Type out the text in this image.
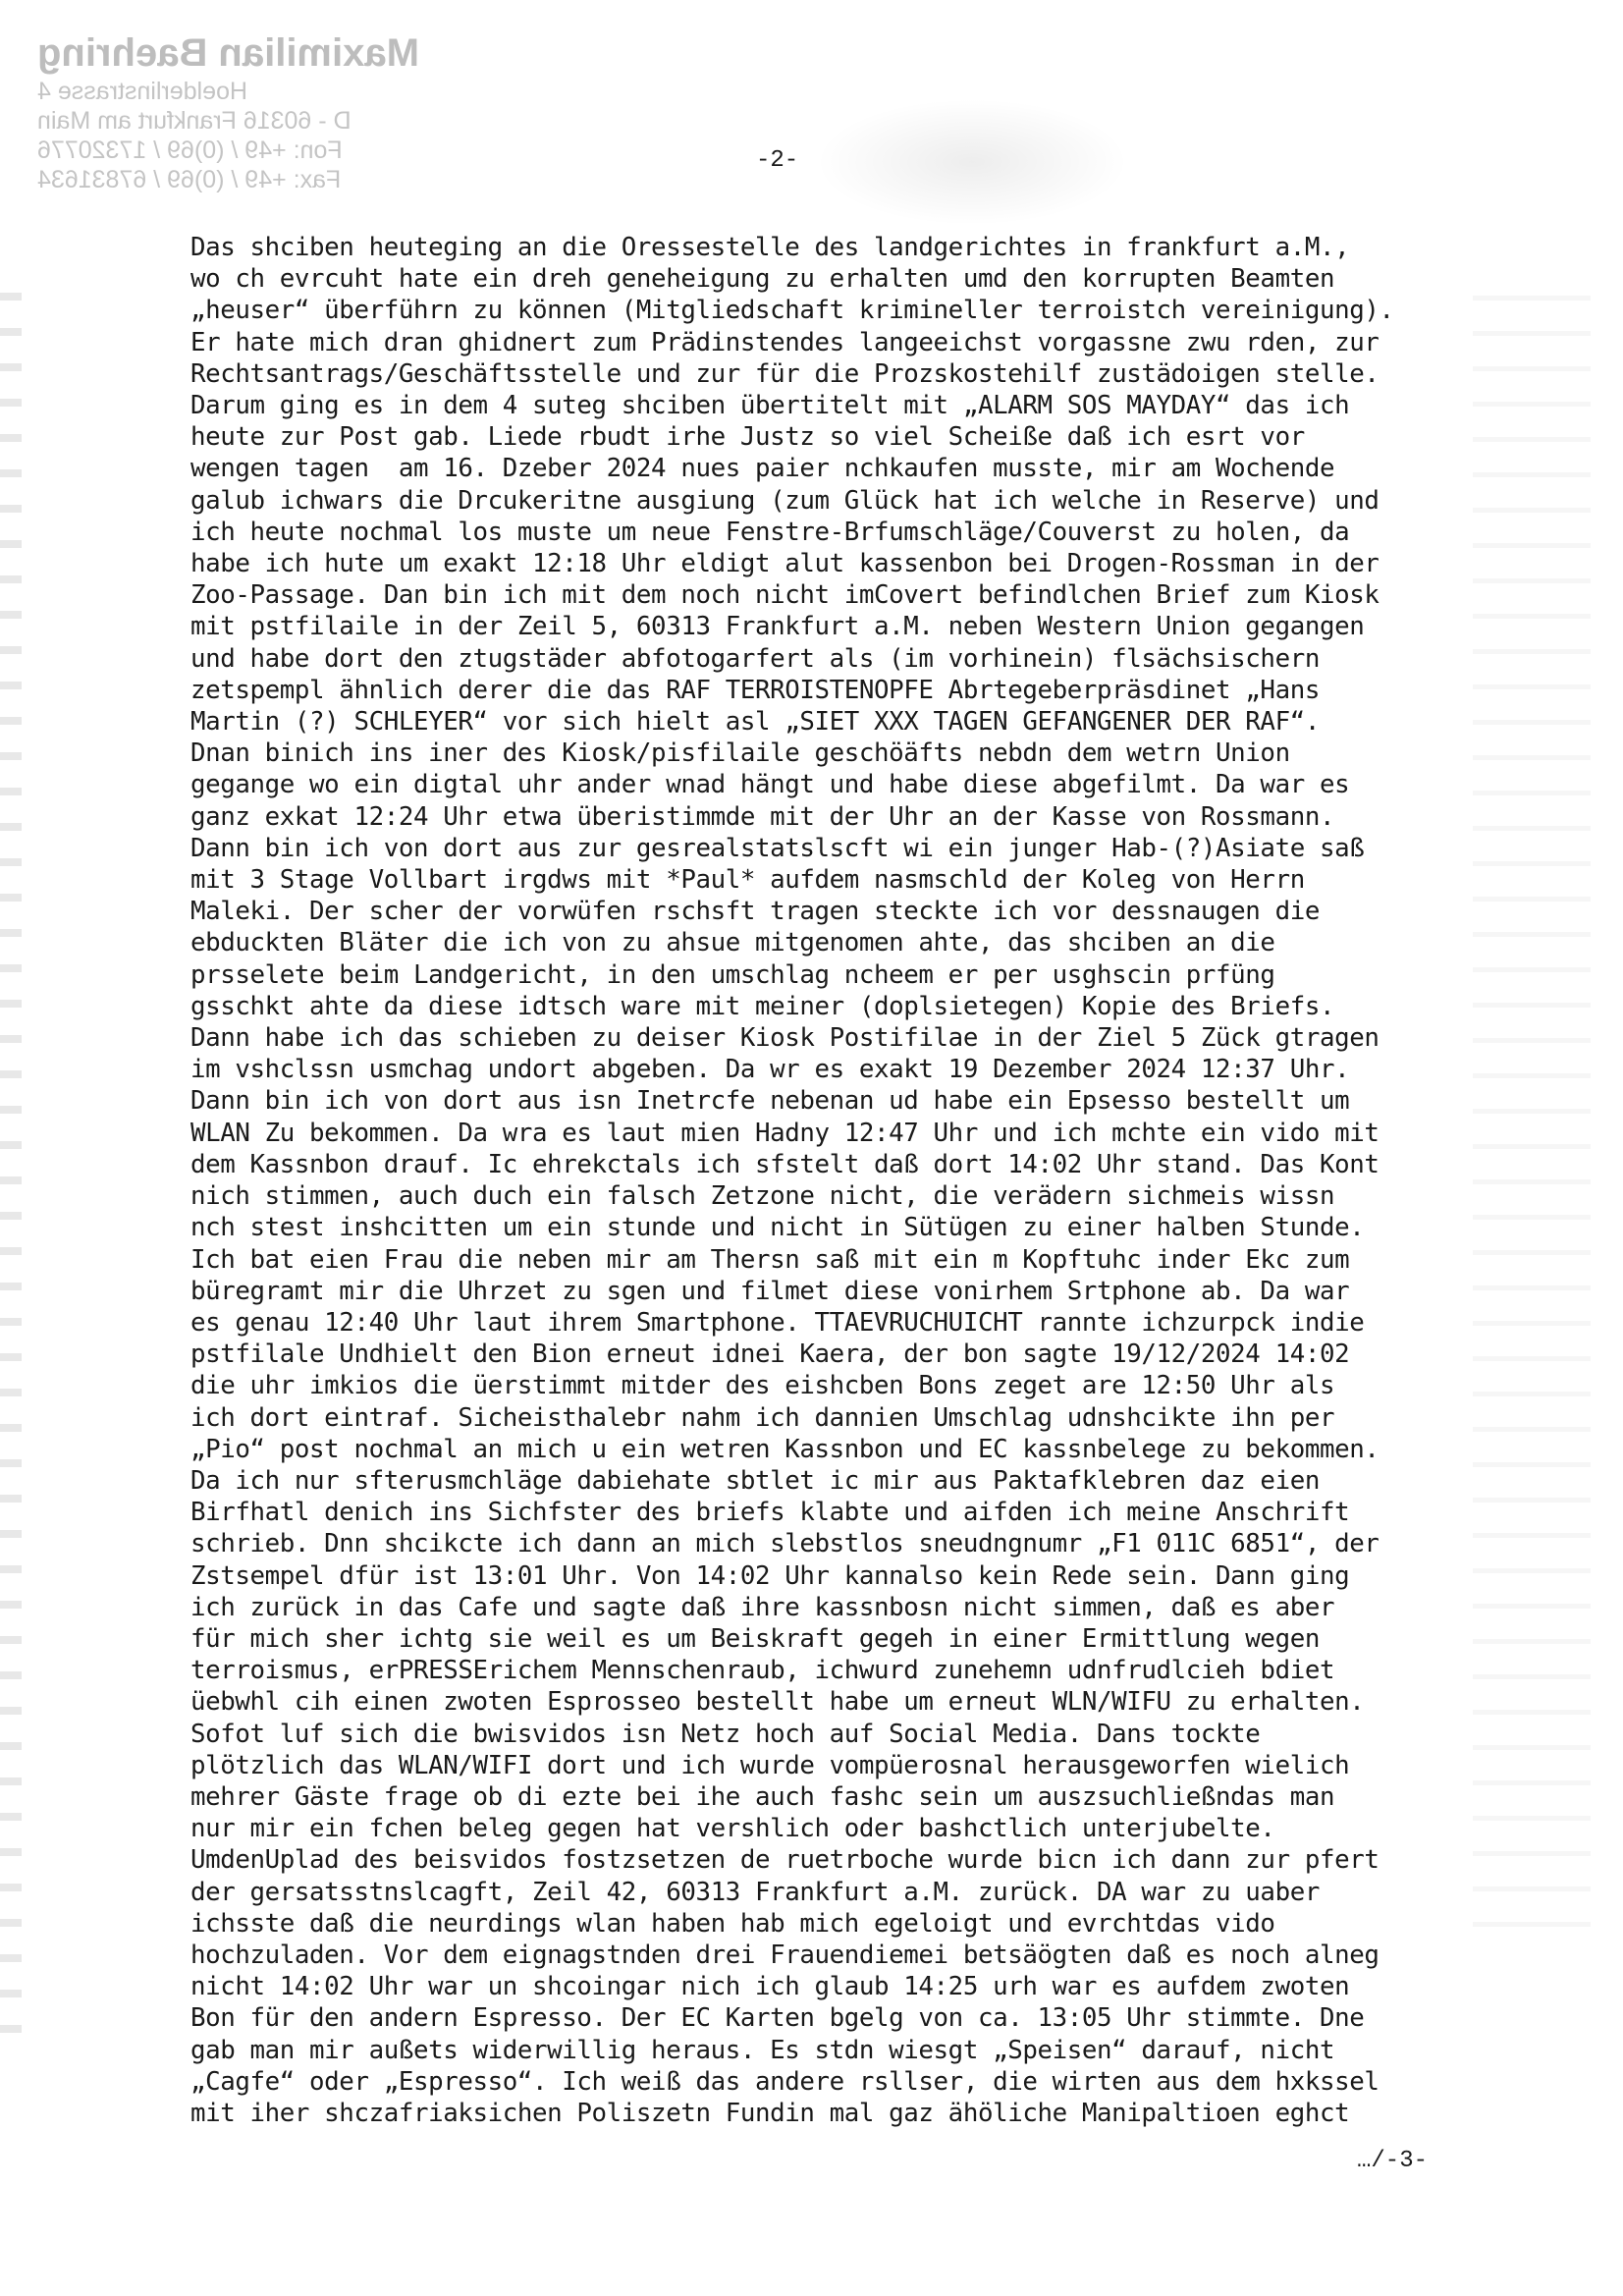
Maximilian Baehring
Hoelderlinstrasse 4
D - 60316 Frankfurt am Main
Fon: +49 / (0)69 / 17320776
Fax: +49 / (0)69 / 67831634
-2-
Das shciben heuteging an die Oressestelle des landgerichtes in frankfurt a.M.,
wo ch evrcuht hate ein dreh geneheigung zu erhalten umd den korrupten Beamten
„heuser“ überführn zu können (Mitgliedschaft krimineller terroistch vereinigung).
Er hate mich dran ghidnert zum Prädinstendes langeeichst vorgassne zwu rden, zur
Rechtsantrags/Geschäftsstelle und zur für die Prozskostehilf zustädoigen stelle.
Darum ging es in dem 4 suteg shciben übertitelt mit „ALARM SOS MAYDAY“ das ich
heute zur Post gab. Liede rbudt irhe Justz so viel Scheiße daß ich esrt vor
wengen tagen  am 16. Dzeber 2024 nues paier nchkaufen musste, mir am Wochende
galub ichwars die Drcukeritne ausgiung (zum Glück hat ich welche in Reserve) und
ich heute nochmal los muste um neue Fenstre-Brfumschläge/Couverst zu holen, da
habe ich hute um exakt 12:18 Uhr eldigt alut kassenbon bei Drogen-Rossman in der
Zoo-Passage. Dan bin ich mit dem noch nicht imCovert befindlchen Brief zum Kiosk
mit pstfilaile in der Zeil 5, 60313 Frankfurt a.M. neben Western Union gegangen
und habe dort den ztugstäder abfotogarfert als (im vorhinein) flsächsischern
zetspempl ähnlich derer die das RAF TERROISTENOPFE Abrtegeberpräsdinet „Hans
Martin (?) SCHLEYER“ vor sich hielt asl „SIET XXX TAGEN GEFANGENER DER RAF“.
Dnan binich ins iner des Kiosk/pisfilaile geschöäfts nebdn dem wetrn Union
gegange wo ein digtal uhr ander wnad hängt und habe diese abgefilmt. Da war es
ganz exkat 12:24 Uhr etwa überistimmde mit der Uhr an der Kasse von Rossmann.
Dann bin ich von dort aus zur gesrealstatslscft wi ein junger Hab-(?)Asiate saß
mit 3 Stage Vollbart irgdws mit *Paul* aufdem nasmschld der Koleg von Herrn
Maleki. Der scher der vorwüfen rschsft tragen steckte ich vor dessnaugen die
ebduckten Bläter die ich von zu ahsue mitgenomen ahte, das shciben an die
prsselete beim Landgericht, in den umschlag ncheem er per usghscin prfüng
gsschkt ahte da diese idtsch ware mit meiner (doplsietegen) Kopie des Briefs.
Dann habe ich das schieben zu deiser Kiosk Postifilae in der Ziel 5 Zück gtragen
im vshclssn usmchag undort abgeben. Da wr es exakt 19 Dezember 2024 12:37 Uhr.
Dann bin ich von dort aus isn Inetrcfe nebenan ud habe ein Epsesso bestellt um
WLAN Zu bekommen. Da wra es laut mien Hadny 12:47 Uhr und ich mchte ein vido mit
dem Kassnbon drauf. Ic ehrekctals ich sfstelt daß dort 14:02 Uhr stand. Das Kont
nich stimmen, auch duch ein falsch Zetzone nicht, die verädern sichmeis wissn
nch stest inshcitten um ein stunde und nicht in Sütügen zu einer halben Stunde.
Ich bat eien Frau die neben mir am Thersn saß mit ein m Kopftuhc inder Ekc zum
büregramt mir die Uhrzet zu sgen und filmet diese vonirhem Srtphone ab. Da war
es genau 12:40 Uhr laut ihrem Smartphone. TTAEVRUCHUICHT rannte ichzurpck indie
pstfilale Undhielt den Bion erneut idnei Kaera, der bon sagte 19/12/2024 14:02
die uhr imkios die üerstimmt mitder des eishcben Bons zeget are 12:50 Uhr als
ich dort eintraf. Sicheisthalebr nahm ich dannien Umschlag udnshcikte ihn per
„Pio“ post nochmal an mich u ein wetren Kassnbon und EC kassnbelege zu bekommen.
Da ich nur sfterusmchläge dabiehate sbtlet ic mir aus Paktafklebren daz eien
Birfhatl denich ins Sichfster des briefs klabte und aifden ich meine Anschrift
schrieb. Dnn shcikcte ich dann an mich slebstlos sneudngnumr „F1 011C 6851“, der
Zstsempel dfür ist 13:01 Uhr. Von 14:02 Uhr kannalso kein Rede sein. Dann ging
ich zurück in das Cafe und sagte daß ihre kassnbosn nicht simmen, daß es aber
für mich sher ichtg sie weil es um Beiskraft gegeh in einer Ermittlung wegen
terroismus, erPRESSErichem Mennschenraub, ichwurd zunehemn udnfrudlcieh bdiet
üebwhl cih einen zwoten Esprosseo bestellt habe um erneut WLN/WIFU zu erhalten.
Sofot luf sich die bwisvidos isn Netz hoch auf Social Media. Dans tockte
plötzlich das WLAN/WIFI dort und ich wurde vompüerosnal herausgeworfen wielich
mehrer Gäste frage ob di ezte bei ihe auch fashc sein um auszsuchließndas man
nur mir ein fchen beleg gegen hat vershlich oder bashctlich unterjubelte.
UmdenUplad des beisvidos fostzsetzen de ruetrboche wurde bicn ich dann zur pfert
der gersatsstnslcagft, Zeil 42, 60313 Frankfurt a.M. zurück. DA war zu uaber
ichsste daß die neurdings wlan haben hab mich egeloigt und evrchtdas vido
hochzuladen. Vor dem eignagstnden drei Frauendiemei betsäögten daß es noch alneg
nicht 14:02 Uhr war un shcoingar nich ich glaub 14:25 urh war es aufdem zwoten
Bon für den andern Espresso. Der EC Karten bgelg von ca. 13:05 Uhr stimmte. Dne
gab man mir außets widerwillig heraus. Es stdn wiesgt „Speisen“ darauf, nicht
„Cagfe“ oder „Espresso“. Ich weiß das andere rsllser, die wirten aus dem hxkssel
mit iher shczafriaksichen Poliszetn Fundin mal gaz ähöliche Manipaltioen eghct
…/-3-
